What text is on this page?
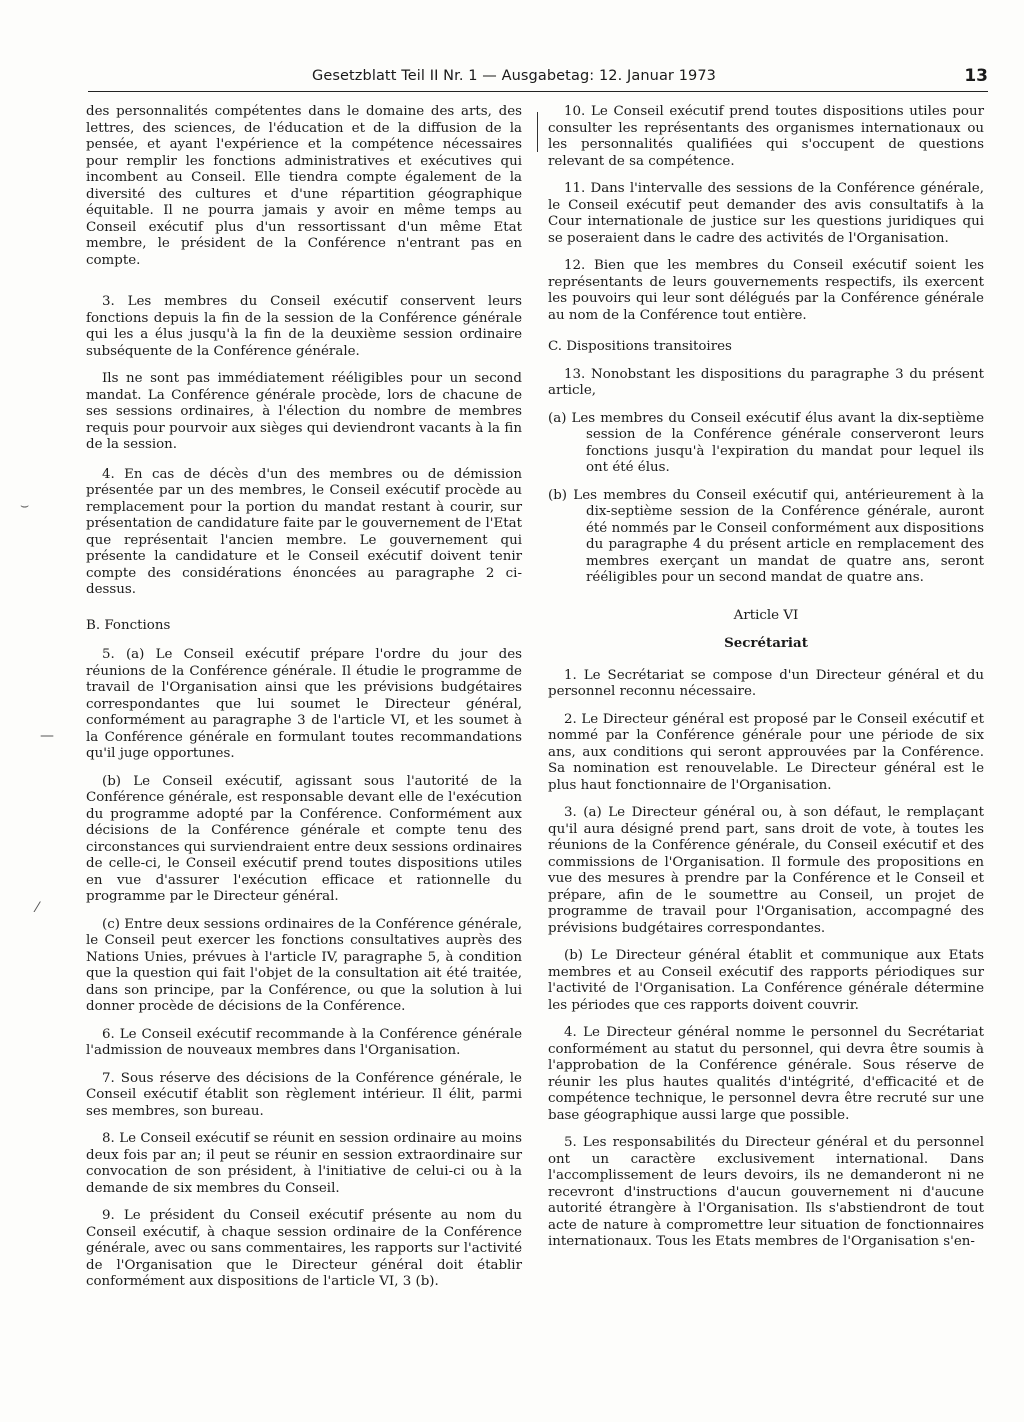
Gesetzblatt Teil II Nr. 1 — Ausgabetag: 12. Januar 1973	13
⌣
—
⁄

des personnalités compétentes dans le domaine des arts, des lettres, des sciences, de l'éducation et de la diffusion de la pensée, et ayant l'expérience et la compétence nécessaires pour remplir les fonctions administratives et exécutives qui incombent au Conseil. Elle tiendra compte également de la diversité des cultures et d'une répartition géographique équitable. Il ne pourra jamais y avoir en même temps au Conseil exécutif plus d'un ressortissant d'un même Etat membre, le président de la Conférence n'entrant pas en compte.

3. Les membres du Conseil exécutif conservent leurs fonctions depuis la fin de la session de la Conférence générale qui les a élus jusqu'à la fin de la deuxième session ordinaire subséquente de la Conférence générale.

Ils ne sont pas immédiatement rééligibles pour un second mandat. La Conférence générale procède, lors de chacune de ses sessions ordinaires, à l'élection du nombre de membres requis pour pourvoir aux sièges qui deviendront vacants à la fin de la session.

4. En cas de décès d'un des membres ou de démission présentée par un des membres, le Conseil exécutif procède au remplacement pour la portion du mandat restant à courir, sur présentation de candidature faite par le gouvernement de l'Etat que représentait l'ancien membre. Le gouvernement qui présente la candidature et le Conseil exécutif doivent tenir compte des considérations énoncées au paragraphe 2 ci-dessus.

B. Fonctions

5. (a) Le Conseil exécutif prépare l'ordre du jour des réunions de la Conférence générale. Il étudie le programme de travail de l'Organisation ainsi que les prévisions budgétaires correspondantes que lui soumet le Directeur général, conformément au paragraphe 3 de l'article VI, et les soumet à la Conférence générale en formulant toutes recommandations qu'il juge opportunes.

(b) Le Conseil exécutif, agissant sous l'autorité de la Conférence générale, est responsable devant elle de l'exécution du programme adopté par la Conférence. Conformément aux décisions de la Conférence générale et compte tenu des circonstances qui surviendraient entre deux sessions ordinaires de celle-ci, le Conseil exécutif prend toutes dispositions utiles en vue d'assurer l'exécution efficace et rationnelle du programme par le Directeur général.

(c) Entre deux sessions ordinaires de la Conférence générale, le Conseil peut exercer les fonctions consultatives auprès des Nations Unies, prévues à l'article IV, paragraphe 5, à condition que la question qui fait l'objet de la consultation ait été traitée, dans son principe, par la Conférence, ou que la solution à lui donner procède de décisions de la Conférence.

6. Le Conseil exécutif recommande à la Conférence générale l'admission de nouveaux membres dans l'Organisation.

7. Sous réserve des décisions de la Conférence générale, le Conseil exécutif établit son règlement intérieur. Il élit, parmi ses membres, son bureau.

8. Le Conseil exécutif se réunit en session ordinaire au moins deux fois par an; il peut se réunir en session extraordinaire sur convocation de son président, à l'initiative de celui-ci ou à la demande de six membres du Conseil.

9. Le président du Conseil exécutif présente au nom du Conseil exécutif, à chaque session ordinaire de la Conférence générale, avec ou sans commentaires, les rapports sur l'activité de l'Organisation que le Directeur général doit établir conformément aux dispositions de l'article VI, 3 (b).

10. Le Conseil exécutif prend toutes dispositions utiles pour consulter les représentants des organismes internationaux ou les personnalités qualifiées qui s'occupent de questions relevant de sa compétence.

11. Dans l'intervalle des sessions de la Conférence générale, le Conseil exécutif peut demander des avis consultatifs à la Cour internationale de justice sur les questions juridiques qui se poseraient dans le cadre des activités de l'Organisation.

12. Bien que les membres du Conseil exécutif soient les représentants de leurs gouvernements respectifs, ils exercent les pouvoirs qui leur sont délégués par la Conférence générale au nom de la Conférence tout entière.

C. Dispositions transitoires

13. Nonobstant les dispositions du paragraphe 3 du présent article,

(a) Les membres du Conseil exécutif élus avant la dix-septième session de la Conférence générale conserveront leurs fonctions jusqu'à l'expiration du mandat pour lequel ils ont été élus.

(b) Les membres du Conseil exécutif qui, antérieurement à la dix-septième session de la Conférence générale, auront été nommés par le Conseil conformément aux dispositions du paragraphe 4 du présent article en remplacement des membres exerçant un mandat de quatre ans, seront rééligibles pour un second mandat de quatre ans.

Article VI

Secrétariat

1. Le Secrétariat se compose d'un Directeur général et du personnel reconnu nécessaire.

2. Le Directeur général est proposé par le Conseil exécutif et nommé par la Conférence générale pour une période de six ans, aux conditions qui seront approuvées par la Conférence. Sa nomination est renouvelable. Le Directeur général est le plus haut fonctionnaire de l'Organisation.

3. (a) Le Directeur général ou, à son défaut, le remplaçant qu'il aura désigné prend part, sans droit de vote, à toutes les réunions de la Conférence générale, du Conseil exécutif et des commissions de l'Organisation. Il formule des propositions en vue des mesures à prendre par la Conférence et le Conseil et prépare, afin de le soumettre au Conseil, un projet de programme de travail pour l'Organisation, accompagné des prévisions budgétaires correspondantes.

(b) Le Directeur général établit et communique aux Etats membres et au Conseil exécutif des rapports périodiques sur l'activité de l'Organisation. La Conférence générale détermine les périodes que ces rapports doivent couvrir.

4. Le Directeur général nomme le personnel du Secrétariat conformément au statut du personnel, qui devra être soumis à l'approbation de la Conférence générale. Sous réserve de réunir les plus hautes qualités d'intégrité, d'efficacité et de compétence technique, le personnel devra être recruté sur une base géographique aussi large que possible.

5. Les responsabilités du Directeur général et du personnel ont un caractère exclusivement international. Dans l'accomplissement de leurs devoirs, ils ne demanderont ni ne recevront d'instructions d'aucun gouvernement ni d'aucune autorité étrangère à l'Organisation. Ils s'abstiendront de tout acte de nature à compromettre leur situation de fonctionnaires internationaux. Tous les Etats membres de l'Organisation s'en-
